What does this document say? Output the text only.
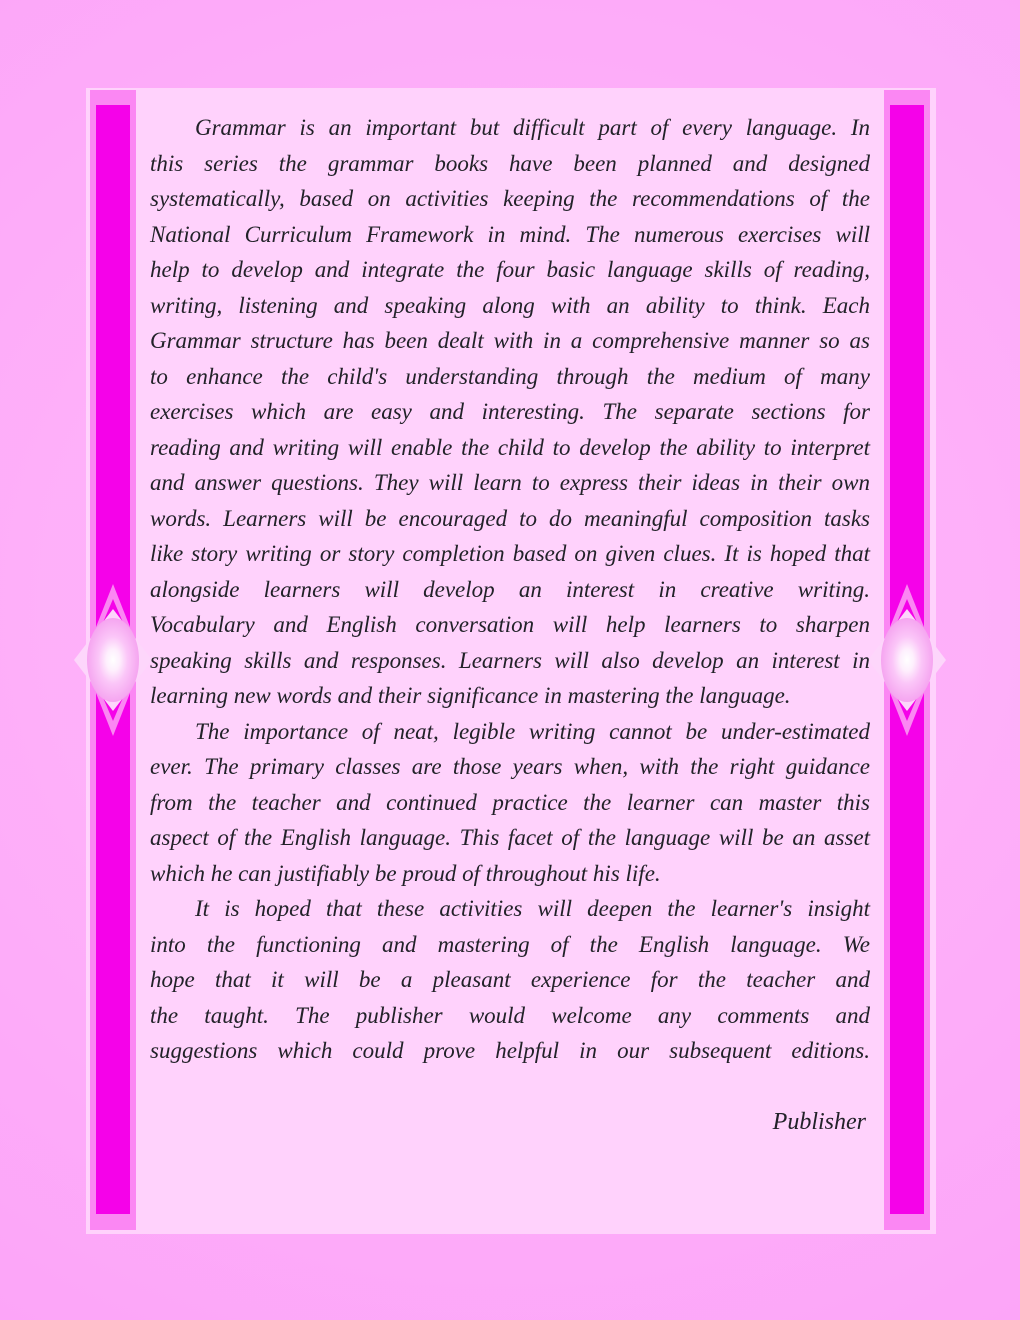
Grammar is an important but difficult part of every language. In
this series the grammar books have been planned and designed
systematically, based on activities keeping the recommendations of the
National Curriculum Framework in mind. The numerous exercises will
help to develop and integrate the four basic language skills of reading,
writing, listening and speaking along with an ability to think. Each
Grammar structure has been dealt with in a comprehensive manner so as
to enhance the child's understanding through the medium of many
exercises which are easy and interesting. The separate sections for
reading and writing will enable the child to develop the ability to interpret
and answer questions. They will learn to express their ideas in their own
words. Learners will be encouraged to do meaningful composition tasks
like story writing or story completion based on given clues. It is hoped that
alongside learners will develop an interest in creative writing.
Vocabulary and English conversation will help learners to sharpen
speaking skills and responses. Learners will also develop an interest in
learning new words and their significance in mastering the language.
The importance of neat, legible writing cannot be under-estimated
ever. The primary classes are those years when, with the right guidance
from the teacher and continued practice the learner can master this
aspect of the English language. This facet of the language will be an asset
which he can justifiably be proud of throughout his life.
It is hoped that these activities will deepen the learner's insight
into the functioning and mastering of the English language. We
hope that it will be a pleasant experience for the teacher and
the taught. The publisher would welcome any comments and
suggestions which could prove helpful in our subsequent editions.
Publisher
